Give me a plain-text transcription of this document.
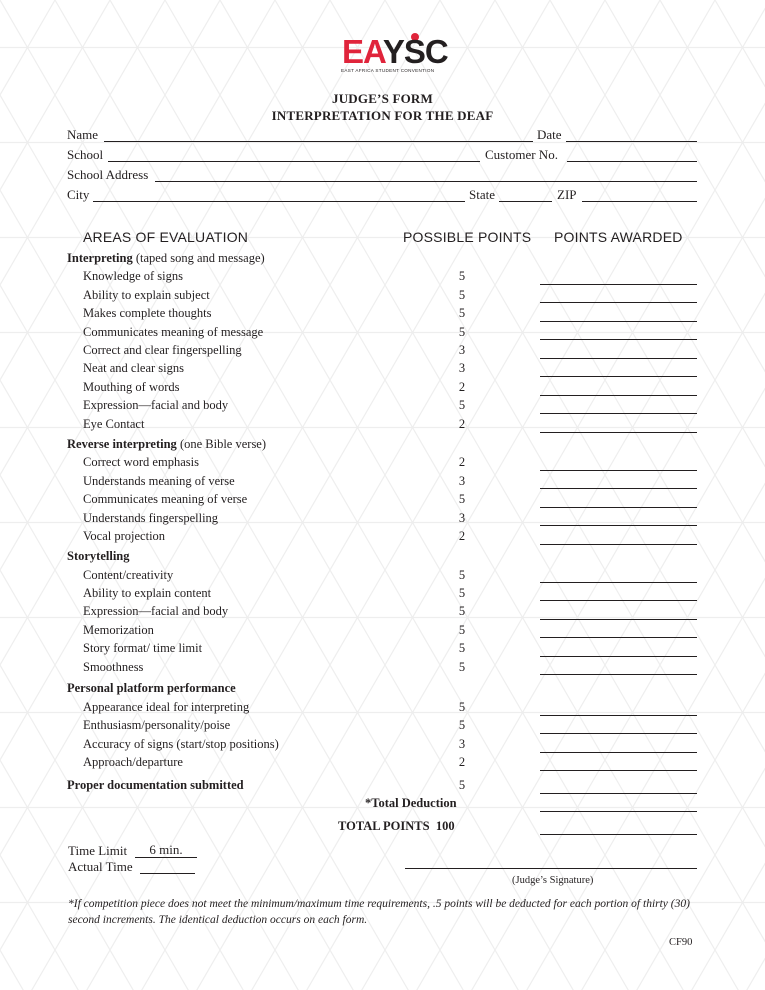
EAYSC
EAST AFRICA STUDENT CONVENTION
JUDGE’S FORM
INTERPRETATION FOR THE DEAF
Name	Date
School	Customer No.
School Address
City	State	ZIP
AREAS OF EVALUATION	POSSIBLE POINTS POINTS AWARDED
Interpreting (taped song and message)
Knowledge of signs	5
Ability to explain subject	5
Makes complete thoughts	5
Communicates meaning of message	5
Correct and clear fingerspelling	3
Neat and clear signs	3
Mouthing of words	2
Expression—facial and body	5
Eye Contact	2
Reverse interpreting (one Bible verse)
Correct word emphasis	2
Understands meaning of verse	3
Communicates meaning of verse	5
Understands fingerspelling	3
Vocal projection	2
Storytelling
Content/creativity	5
Ability to explain content	5
Expression—facial and body	5
Memorization	5
Story format/ time limit	5
Smoothness	5
Personal platform performance
Appearance ideal for interpreting	5
Enthusiasm/personality/poise	5
Accuracy of signs (start/stop positions)	3
Approach/departure	2
Proper documentation submitted	5
*Total Deduction
TOTAL POINTS 100
Time Limit	6 min.
Actual Time
(Judge’s Signature)
*If competition piece does not meet the minimum/maximum time requirements, .5 points will be deducted for each portion of thirty (30) second increments. The identical deduction occurs on each form.
CF90
